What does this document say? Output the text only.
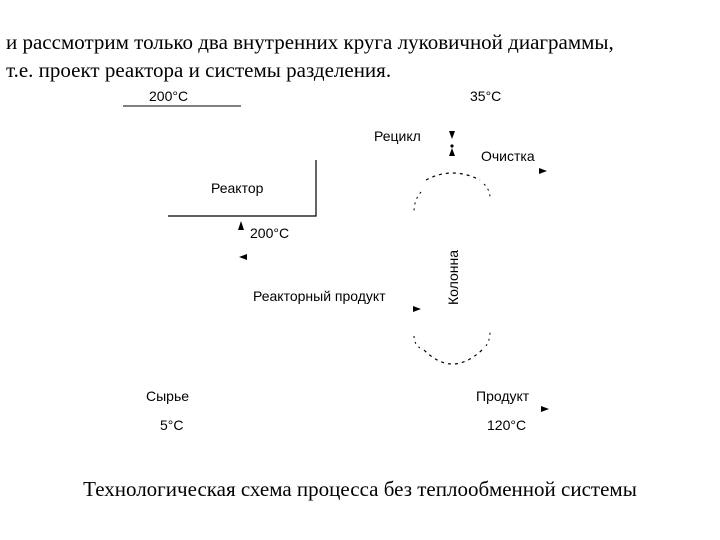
и рассмотрим только два внутренних круга луковичной диаграммы,
т.е. проект реактора и системы разделения.

200°C	35°C
Рецикл
Очистка
Реактор
200°C
Колонна
Реакторный продукт
Сырье
5°C
Продукт
120°C
Технологическая схема процесса без теплообменной системы
